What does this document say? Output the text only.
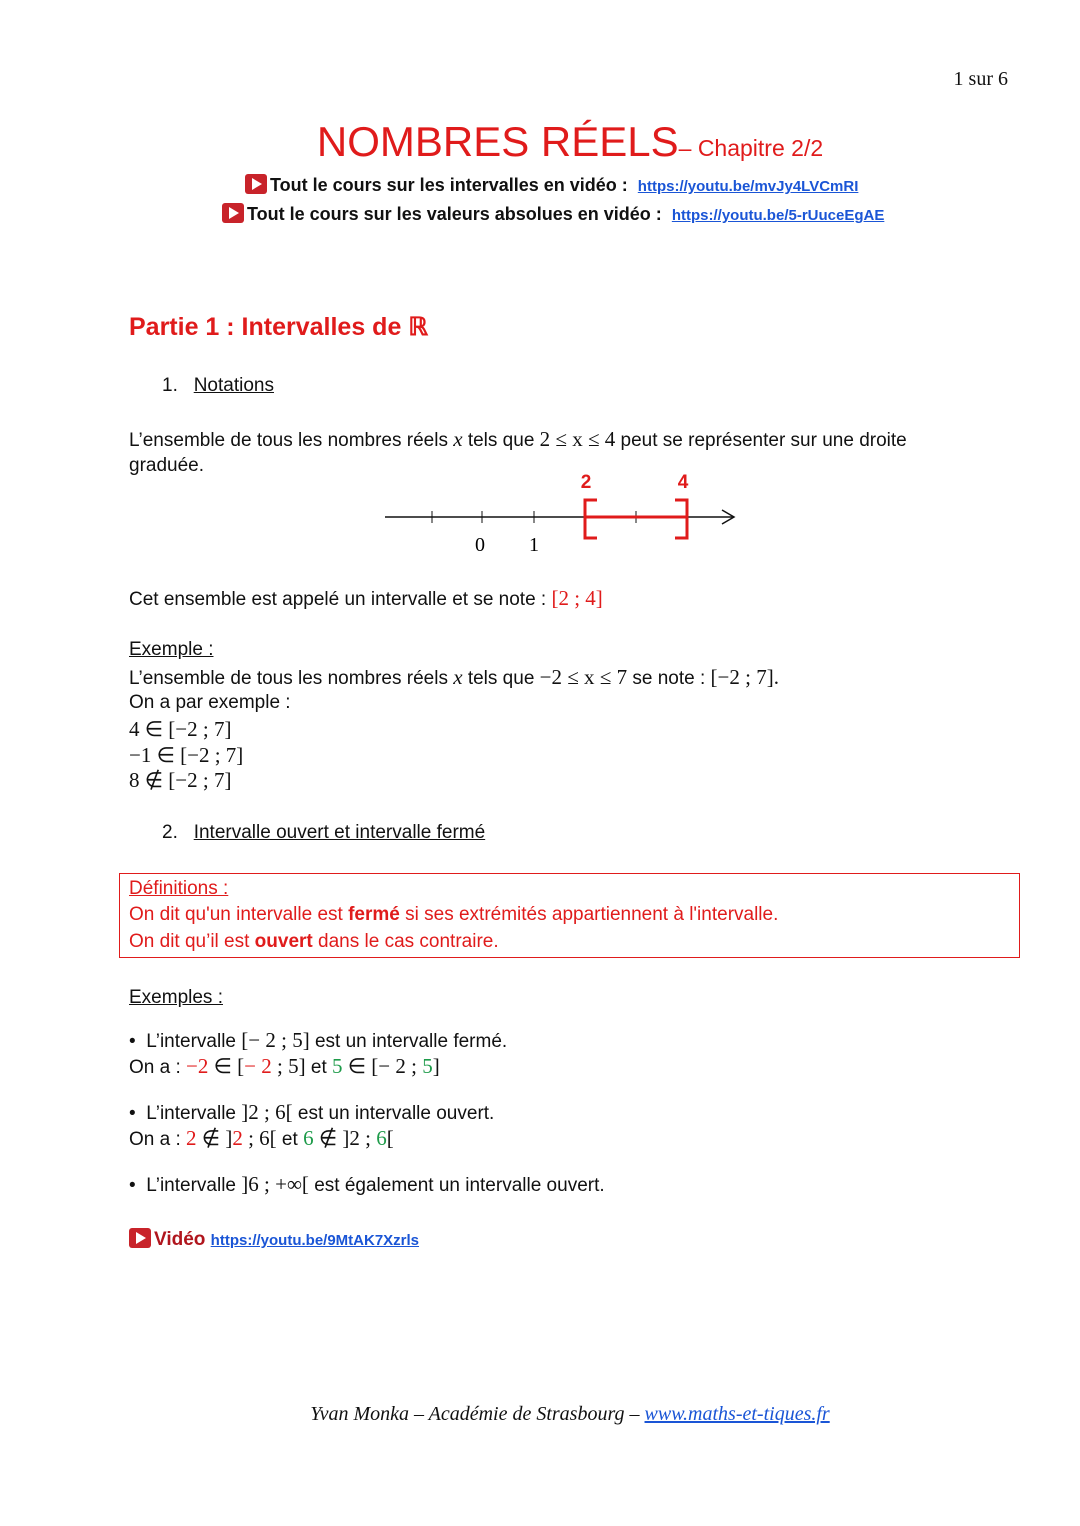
1 sur 6
NOMBRES RÉELS– Chapitre 2/2
Tout le cours sur les intervalles en vidéo : https://youtu.be/mvJy4LVCmRI
Tout le cours sur les valeurs absolues en vidéo : https://youtu.be/5-rUuceEgAE
Partie 1 : Intervalles de ℝ
1. Notations
L’ensemble de tous les nombres réels x tels que 2 ≤ x ≤ 4 peut se représenter sur une droite
graduée.
0 1
2	4
Cet ensemble est appelé un intervalle et se note : [2 ; 4]
Exemple :
L’ensemble de tous les nombres réels x tels que −2 ≤ x ≤ 7 se note : [−2 ; 7].
On a par exemple :
4 ∈ [−2 ; 7]
−1 ∈ [−2 ; 7]
8 ∉ [−2 ; 7]
2. Intervalle ouvert et intervalle fermé
Définitions :
On dit qu'un intervalle est fermé si ses extrémités appartiennent à l'intervalle.
On dit qu’il est ouvert dans le cas contraire.
Exemples :
•  L’intervalle [− 2 ; 5] est un intervalle fermé.
On a : −2 ∈ [− 2 ; 5] et 5 ∈ [− 2 ; 5]
•  L’intervalle ]2 ; 6[ est un intervalle ouvert.
On a : 2 ∉ ]2 ; 6[ et 6 ∉ ]2 ; 6[
•  L’intervalle ]6 ; +∞[ est également un intervalle ouvert.
Vidéo https://youtu.be/9MtAK7Xzrls
Yvan Monka – Académie de Strasbourg – www.maths-et-tiques.fr
